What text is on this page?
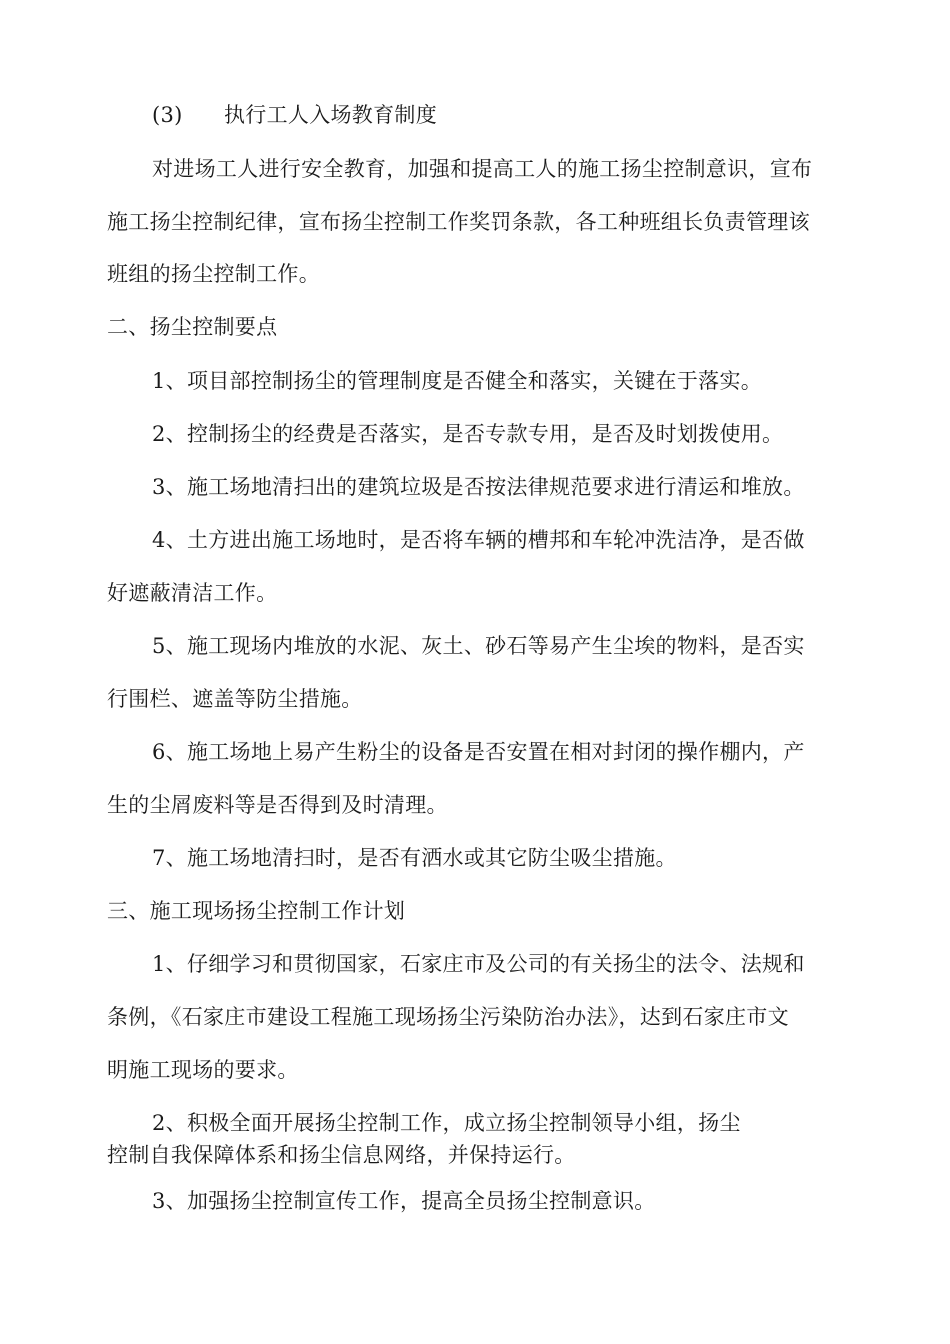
(3) 执行工人入场教育制度
对进场工人进行安全教育，加强和提高工人的施工扬尘控制意识，宣布
施工扬尘控制纪律，宣布扬尘控制工作奖罚条款，各工种班组长负责管理该
班组的扬尘控制工作。
二、扬尘控制要点
1、项目部控制扬尘的管理制度是否健全和落实，关键在于落实。
2、控制扬尘的经费是否落实，是否专款专用，是否及时划拨使用。
3、施工场地清扫出的建筑垃圾是否按法律规范要求进行清运和堆放。
4、土方进出施工场地时，是否将车辆的槽邦和车轮冲洗洁净，是否做
好遮蔽清洁工作。
5、施工现场内堆放的水泥、灰土、砂石等易产生尘埃的物料，是否实
行围栏、遮盖等防尘措施。
6、施工场地上易产生粉尘的设备是否安置在相对封闭的操作棚内，产
生的尘屑废料等是否得到及时清理。
7、施工场地清扫时，是否有洒水或其它防尘吸尘措施。
三、施工现场扬尘控制工作计划
1、仔细学习和贯彻国家，石家庄市及公司的有关扬尘的法令、法规和
条例，《石家庄市建设工程施工现场扬尘污染防治办法》，达到石家庄市文
明施工现场的要求。
2、积极全面开展扬尘控制工作，成立扬尘控制领导小组，扬尘
控制自我保障体系和扬尘信息网络，并保持运行。
3、加强扬尘控制宣传工作，提高全员扬尘控制意识。
